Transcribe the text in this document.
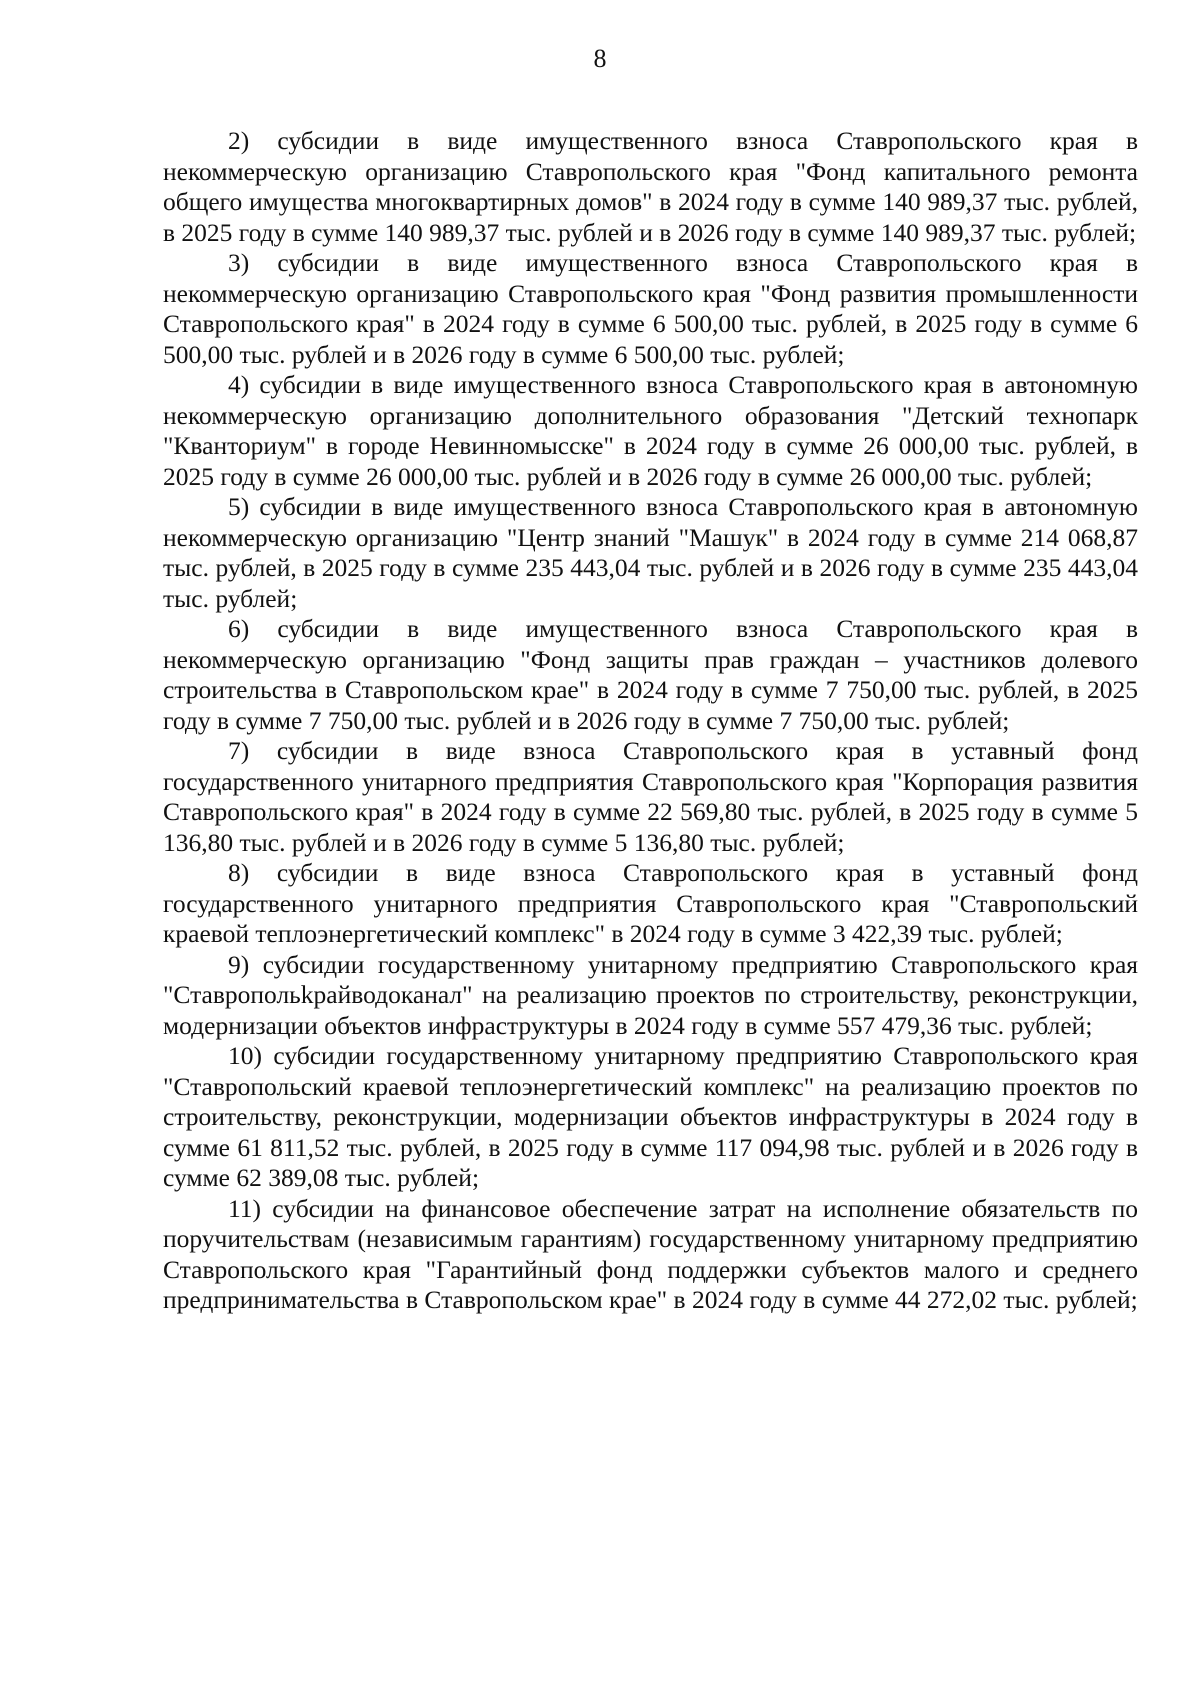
8

2) субсидии в виде имущественного взноса Ставропольского края в некоммерческую организацию Ставропольского края "Фонд капитального ремонта общего имущества многоквартирных домов" в 2024 году в сумме 140 989,37 тыс. рублей, в 2025 году в сумме 140 989,37 тыс. рублей и в 2026 году в сумме 140 989,37 тыс. рублей;

3) субсидии в виде имущественного взноса Ставропольского края в некоммерческую организацию Ставропольского края "Фонд развития промышленности Ставропольского края" в 2024 году в сумме 6 500,00 тыс. рублей, в 2025 году в сумме 6 500,00 тыс. рублей и в 2026 году в сумме 6 500,00 тыс. рублей;

4) субсидии в виде имущественного взноса Ставропольского края в автономную некоммерческую организацию дополнительного образования "Детский технопарк "Кванториум" в городе Невинномысске" в 2024 году в сумме 26 000,00 тыс. рублей, в 2025 году в сумме 26 000,00 тыс. рублей и в 2026 году в сумме 26 000,00 тыс. рублей;

5) субсидии в виде имущественного взноса Ставропольского края в автономную некоммерческую организацию "Центр знаний "Машук" в 2024 году в сумме 214 068,87 тыс. рублей, в 2025 году в сумме 235 443,04 тыс. рублей и в 2026 году в сумме 235 443,04 тыс. рублей;

6) субсидии в виде имущественного взноса Ставропольского края в некоммерческую организацию "Фонд защиты прав граждан – участников долевого строительства в Ставропольском крае" в 2024 году в сумме 7 750,00 тыс. рублей, в 2025 году в сумме 7 750,00 тыс. рублей и в 2026 году в сумме 7 750,00 тыс. рублей;

7) субсидии в виде взноса Ставропольского края в уставный фонд государственного унитарного предприятия Ставропольского края "Корпорация развития Ставропольского края" в 2024 году в сумме 22 569,80 тыс. рублей, в 2025 году в сумме 5 136,80 тыс. рублей и в 2026 году в сумме 5 136,80 тыс. рублей;

8) субсидии в виде взноса Ставропольского края в уставный фонд государственного унитарного предприятия Ставропольского края "Ставропольский краевой теплоэнергетический комплекс" в 2024 году в сумме 3 422,39 тыс. рублей;

9) субсидии государственному унитарному предприятию Ставропольского края "Ставропольkрайводоканал" на реализацию проектов по строительству, реконструкции, модернизации объектов инфраструктуры в 2024 году в сумме 557 479,36 тыс. рублей;

10) субсидии государственному унитарному предприятию Ставропольского края "Ставропольский краевой теплоэнергетический комплекс" на реализацию проектов по строительству, реконструкции, модернизации объектов инфраструктуры в 2024 году в сумме 61 811,52 тыс. рублей, в 2025 году в сумме 117 094,98 тыс. рублей и в 2026 году в сумме 62 389,08 тыс. рублей;

11) субсидии на финансовое обеспечение затрат на исполнение обязательств по поручительствам (независимым гарантиям) государственному унитарному предприятию Ставропольского края "Гарантийный фонд поддержки субъектов малого и среднего предпринимательства в Ставропольском крае" в 2024 году в сумме 44 272,02 тыс. рублей;
